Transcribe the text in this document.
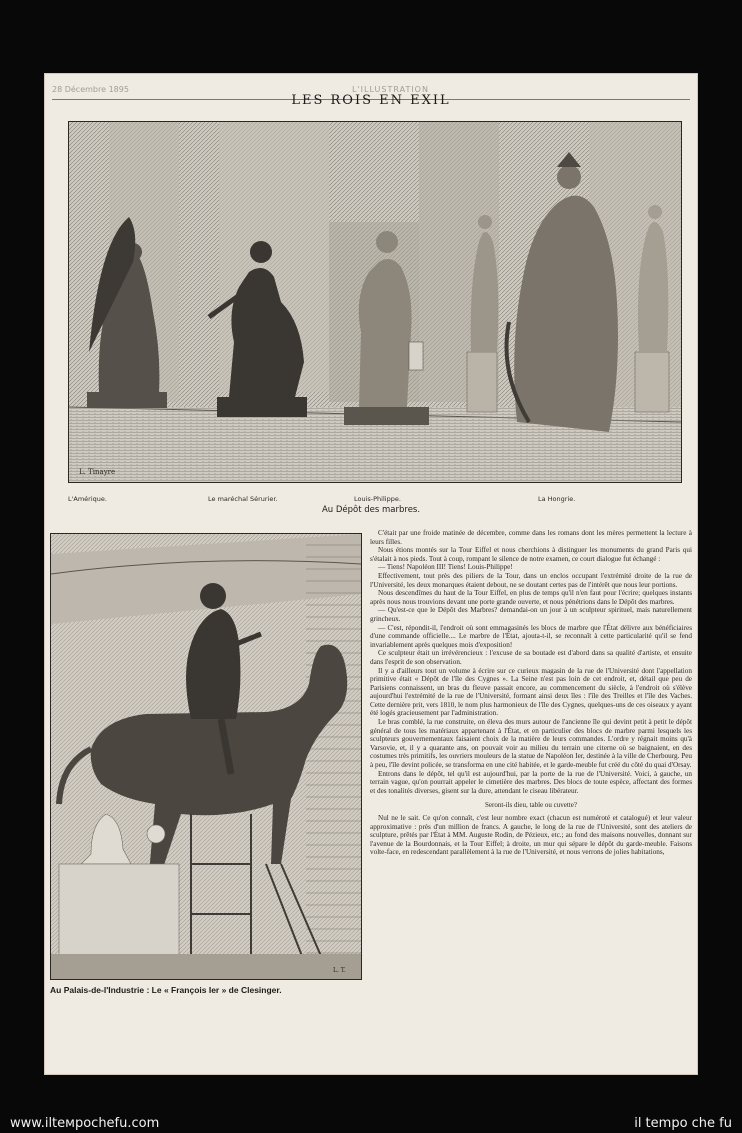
28 Décembre 1895	L'ILLUSTRATION
LES ROIS EN EXIL
L. Tinayre
L'Amérique.	Le maréchal Sérurier.	Louis-Philippe.	La Hongrie.
Au Dépôt des marbres.
L. T.
Au Palais-de-l'Industrie : Le « François Ier » de Clesinger.

C'était par une froide matinée de décembre, comme dans les romans dont les mères permettent la lecture à leurs filles.

Nous étions montés sur la Tour Eiffel et nous cherchions à distinguer les monuments du grand Paris qui s'étalait à nos pieds. Tout à coup, rompant le silence de notre examen, ce court dialogue fut échangé :

— Tiens! Napoléon III! Tiens! Louis-Philippe!

Effectivement, tout près des piliers de la Tour, dans un enclos occupant l'extrémité droite de la rue de l'Université, les deux monarques étaient debout, ne se doutant certes pas de l'intérêt que nous leur portions.

Nous descendîmes du haut de la Tour Eiffel, en plus de temps qu'il n'en faut pour l'écrire; quelques instants après nous nous trouvions devant une porte grande ouverte, et nous pénétrions dans le Dépôt des marbres.

— Qu'est-ce que le Dépôt des Marbres? demandai-on un jour à un sculpteur spirituel, mais naturellement grincheux.

— C'est, répondit-il, l'endroit où sont emmagasinés les blocs de marbre que l'État délivre aux bénéficiaires d'une commande officielle.... Le marbre de l'État, ajouta-t-il, se reconnaît à cette particularité qu'il se fend invariablement après quelques mois d'exposition!

Ce sculpteur était un irrévérencieux : l'excuse de sa boutade est d'abord dans sa qualité d'artiste, et ensuite dans l'esprit de son observation.

Il y a d'ailleurs tout un volume à écrire sur ce curieux magasin de la rue de l'Université dont l'appellation primitive était « Dépôt de l'île des Cygnes ». La Seine n'est pas loin de cet endroit, et, détail que peu de Parisiens connaissent, un bras du fleuve passait encore, au commencement du siècle, à l'endroit où s'élève aujourd'hui l'extrémité de la rue de l'Université, formant ainsi deux îles : l'île des Treilles et l'île des Vaches. Cette dernière prit, vers 1810, le nom plus harmonieux de l'île des Cygnes, quelques-uns de ces oiseaux y ayant été logés gracieusement par l'administration.

Le bras comblé, la rue construite, on éleva des murs autour de l'ancienne île qui devint petit à petit le dépôt général de tous les matériaux appartenant à l'État, et en particulier des blocs de marbre parmi lesquels les sculpteurs gouvernementaux faisaient choix de la matière de leurs commandes. L'ordre y régnait moins qu'à Varsovie, et, il y a quarante ans, on pouvait voir au milieu du terrain une citerne où se baignaient, en des costumes très primitifs, les ouvriers mouleurs de la statue de Napoléon Ier, destinée à la ville de Cherbourg. Peu à peu, l'île devint policée, se transforma en une cité habitée, et le garde-meuble fut créé du côté du quai d'Orsay.

Entrons dans le dépôt, tel qu'il est aujourd'hui, par la porte de la rue de l'Université. Voici, à gauche, un terrain vague, qu'on pourrait appeler le cimetière des marbres. Des blocs de toute espèce, affectant des formes et des tonalités diverses, gisent sur la dure, attendant le ciseau libérateur.

Seront-ils dieu, table ou cuvette?

Nul ne le sait. Ce qu'on connaît, c'est leur nombre exact (chacun est numéroté et catalogué) et leur valeur approximative : près d'un million de francs. A gauche, le long de la rue de l'Université, sont des ateliers de sculpture, prêtés par l'État à MM. Auguste Rodin, de Pézieux, etc.; au fond des maisons nouvelles, donnant sur l'avenue de la Bourdonnais, et la Tour Eiffel; à droite, un mur qui sépare le dépôt du garde-meuble. Faisons volte-face, en redescendant parallèlement à la rue de l'Université, et nous verrons de jolies habitations,

www.ilteмpochefu.com	il tempo che fu
